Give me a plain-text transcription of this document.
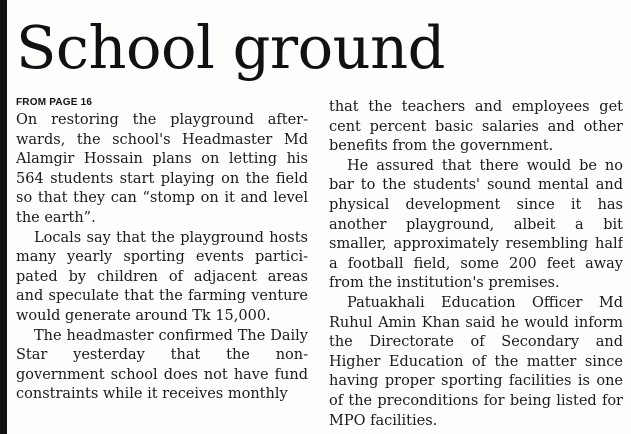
School ground

FROM PAGE 16

On restoring the playground afterwards, the school's Headmaster Md Alamgir Hossain plans on letting his 564 students start playing on the field so that they can “stomp on it and level the earth”.

Locals say that the playground hosts many yearly sporting events participated by children of adjacent areas and speculate that the farming venture would generate around Tk 15,000.

The headmaster confirmed The Daily Star yesterday that the non-government school does not have fund constraints while it receives monthly

that the teachers and employees get cent percent basic salaries and other benefits from the government.

He assured that there would be no bar to the students' sound mental and physical development since it has another playground, albeit a bit smaller, approximately resembling half a football field, some 200 feet away from the institution's premises.

Patuakhali Education Officer Md Ruhul Amin Khan said he would inform the Directorate of Secondary and Higher Education of the matter since having proper sporting facilities is one of the preconditions for being listed for MPO facilities.
